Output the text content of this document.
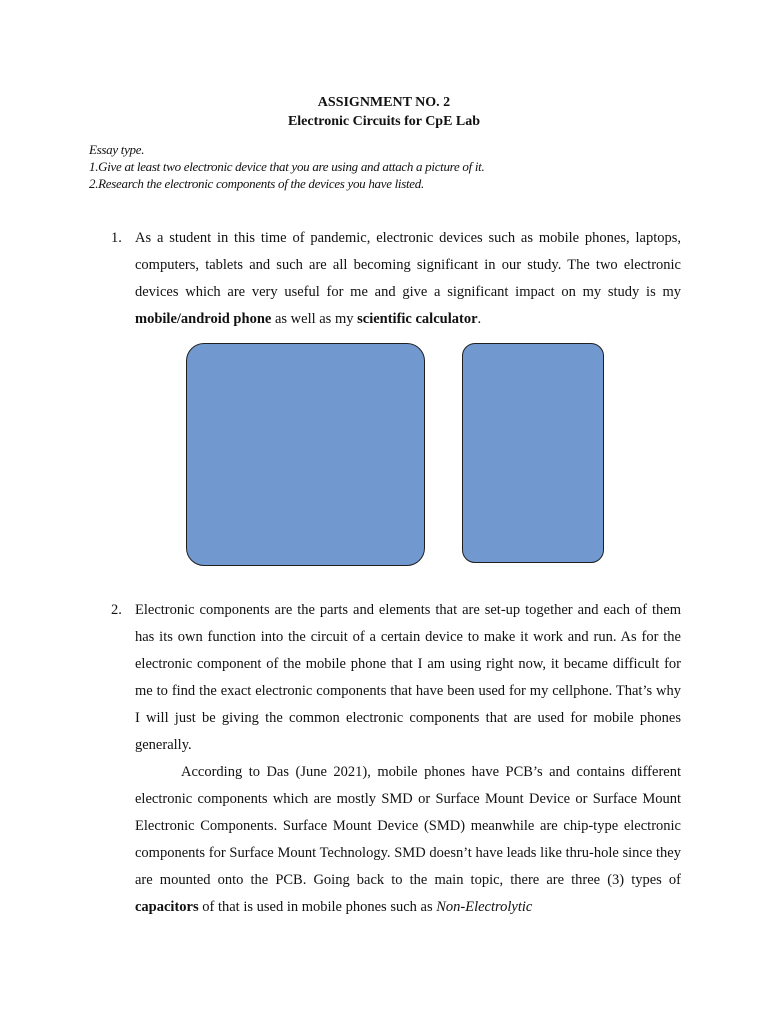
ASSIGNMENT NO. 2
Electronic Circuits for CpE Lab
Essay type.
1.Give at least two electronic device that you are using and attach a picture of it.
2.Research the electronic components of the devices you have listed.
1. As a student in this time of pandemic, electronic devices such as mobile phones, laptops, computers, tablets and such are all becoming significant in our study. The two electronic devices which are very useful for me and give a significant impact on my study is my mobile/android phone as well as my scientific calculator.

2. Electronic components are the parts and elements that are set-up together and each of them has its own function into the circuit of a certain device to make it work and run. As for the electronic component of the mobile phone that I am using right now, it became difficult for me to find the exact electronic components that have been used for my cellphone. That’s why I will just be giving the common electronic components that are used for mobile phones generally.

According to Das (June 2021), mobile phones have PCB’s and contains different electronic components which are mostly SMD or Surface Mount Device or Surface Mount Electronic Components. Surface Mount Device (SMD) meanwhile are chip-type electronic components for Surface Mount Technology. SMD doesn’t have leads like thru-hole since they are mounted onto the PCB. Going back to the main topic, there are three (3) types of capacitors of that is used in mobile phones such as Non-Electrolytic
